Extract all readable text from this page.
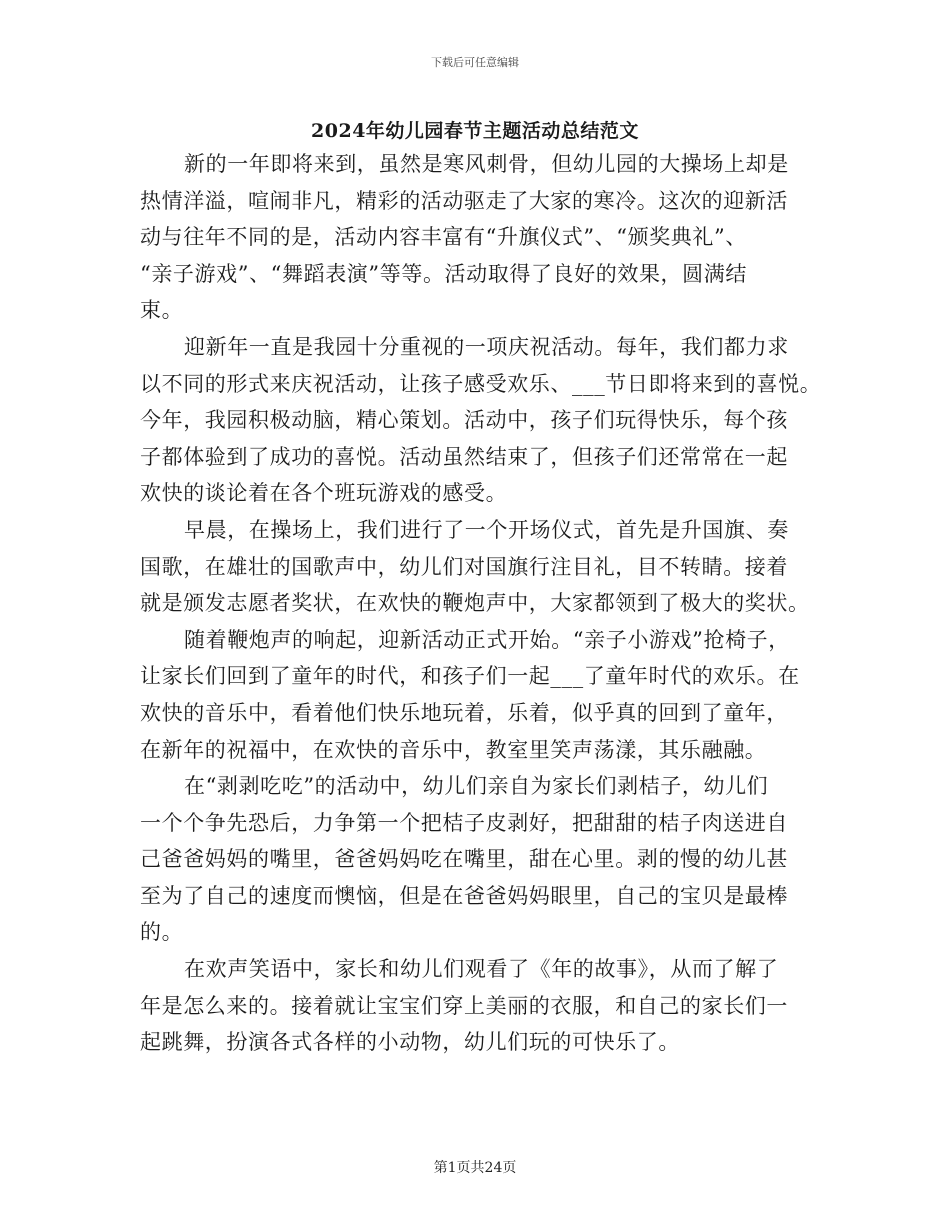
下载后可任意编辑
2024年幼儿园春节主题活动总结范文

新的一年即将来到，虽然是寒风刺骨，但幼儿园的大操场上却是
热情洋溢，喧闹非凡，精彩的活动驱走了大家的寒冷。这次的迎新活
动与往年不同的是，活动内容丰富有“升旗仪式”、“颁奖典礼”、
“亲子游戏”、“舞蹈表演”等等。活动取得了良好的效果，圆满结
束。

迎新年一直是我园十分重视的一项庆祝活动。每年，我们都力求
以不同的形式来庆祝活动，让孩子感受欢乐、___节日即将来到的喜悦。
今年，我园积极动脑，精心策划。活动中，孩子们玩得快乐，每个孩
子都体验到了成功的喜悦。活动虽然结束了，但孩子们还常常在一起
欢快的谈论着在各个班玩游戏的感受。

早晨，在操场上，我们进行了一个开场仪式，首先是升国旗、奏
国歌，在雄壮的国歌声中，幼儿们对国旗行注目礼，目不转睛。接着
就是颁发志愿者奖状，在欢快的鞭炮声中，大家都领到了极大的奖状。

随着鞭炮声的响起，迎新活动正式开始。“亲子小游戏”抢椅子，
让家长们回到了童年的时代，和孩子们一起___了童年时代的欢乐。在
欢快的音乐中，看着他们快乐地玩着，乐着，似乎真的回到了童年，
在新年的祝福中，在欢快的音乐中，教室里笑声荡漾，其乐融融。

在“剥剥吃吃”的活动中，幼儿们亲自为家长们剥桔子，幼儿们
一个个争先恐后，力争第一个把桔子皮剥好，把甜甜的桔子肉送进自
己爸爸妈妈的嘴里，爸爸妈妈吃在嘴里，甜在心里。剥的慢的幼儿甚
至为了自己的速度而懊恼，但是在爸爸妈妈眼里，自己的宝贝是最棒
的。

在欢声笑语中，家长和幼儿们观看了《年的故事》，从而了解了
年是怎么来的。接着就让宝宝们穿上美丽的衣服，和自己的家长们一
起跳舞，扮演各式各样的小动物，幼儿们玩的可快乐了。

第1页共24页
